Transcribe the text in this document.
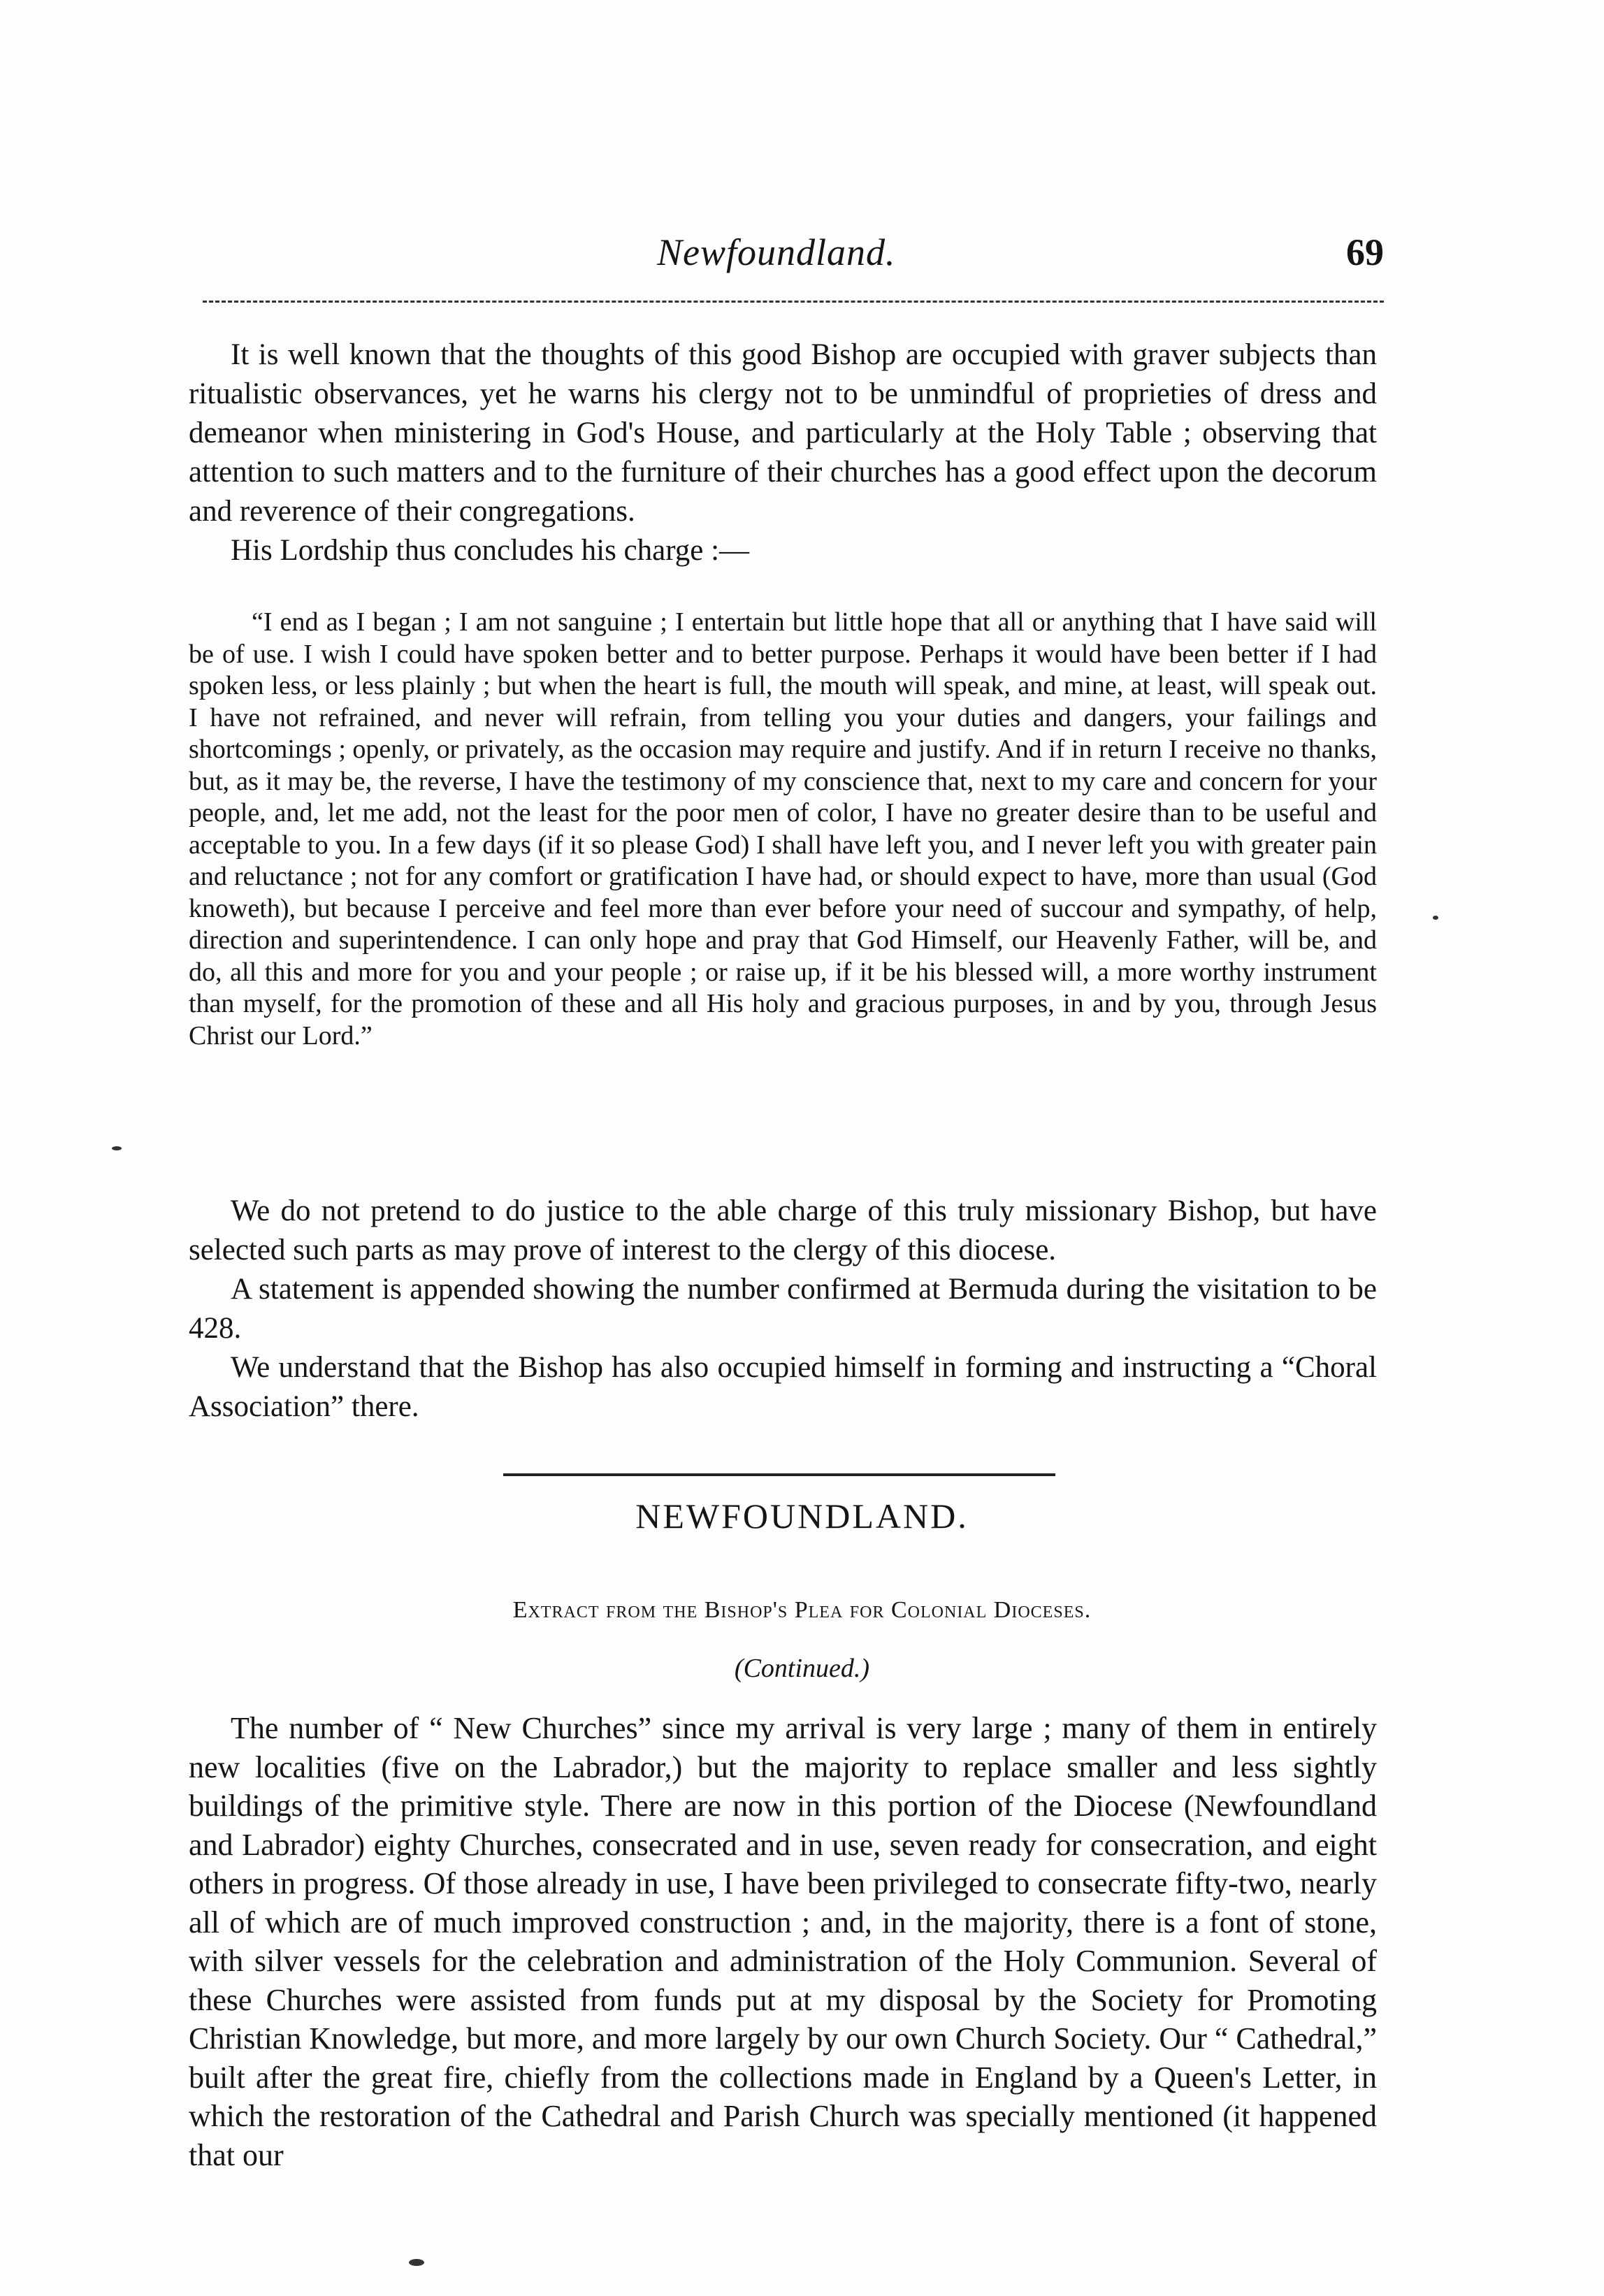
Newfoundland.	69

It is well known that the thoughts of this good Bishop are occupied with graver subjects than ritualistic observances, yet he warns his clergy not to be unmindful of proprieties of dress and demeanor when ministering in God's House, and particularly at the Holy Table ; observing that attention to such matters and to the furniture of their churches has a good effect upon the decorum and reverence of their congregations.

His Lordship thus concludes his charge :—

“I end as I began ; I am not sanguine ; I entertain but little hope that all or anything that I have said will be of use. I wish I could have spoken better and to better purpose. Perhaps it would have been better if I had spoken less, or less plainly ; but when the heart is full, the mouth will speak, and mine, at least, will speak out. I have not refrained, and never will refrain, from telling you your duties and dangers, your failings and shortcomings ; openly, or privately, as the occasion may require and justify. And if in return I receive no thanks, but, as it may be, the reverse, I have the testimony of my conscience that, next to my care and concern for your people, and, let me add, not the least for the poor men of color, I have no greater desire than to be useful and acceptable to you. In a few days (if it so please God) I shall have left you, and I never left you with greater pain and reluctance ; not for any comfort or gratification I have had, or should expect to have, more than usual (God knoweth), but because I perceive and feel more than ever before your need of succour and sympathy, of help, direction and superintendence. I can only hope and pray that God Himself, our Heavenly Father, will be, and do, all this and more for you and your people ; or raise up, if it be his blessed will, a more worthy instrument than myself, for the promotion of these and all His holy and gracious purposes, in and by you, through Jesus Christ our Lord.”

We do not pretend to do justice to the able charge of this truly missionary Bishop, but have selected such parts as may prove of interest to the clergy of this diocese.

A statement is appended showing the number confirmed at Bermuda during the visitation to be 428.

We understand that the Bishop has also occupied himself in forming and instructing a “Choral Association” there.

NEWFOUNDLAND.
Extract from the Bishop's Plea for Colonial Dioceses.
(Continued.)

The number of “ New Churches” since my arrival is very large ; many of them in entirely new localities (five on the Labrador,) but the majority to replace smaller and less sightly buildings of the primitive style. There are now in this portion of the Diocese (Newfoundland and Labrador) eighty Churches, consecrated and in use, seven ready for consecration, and eight others in progress. Of those already in use, I have been privileged to consecrate fifty-two, nearly all of which are of much improved construction ; and, in the majority, there is a font of stone, with silver vessels for the celebration and administration of the Holy Communion. Several of these Churches were assisted from funds put at my disposal by the Society for Promoting Christian Knowledge, but more, and more largely by our own Church Society. Our “ Cathedral,” built after the great fire, chiefly from the collections made in England by a Queen's Letter, in which the restoration of the Cathedral and Parish Church was specially mentioned (it happened that our
